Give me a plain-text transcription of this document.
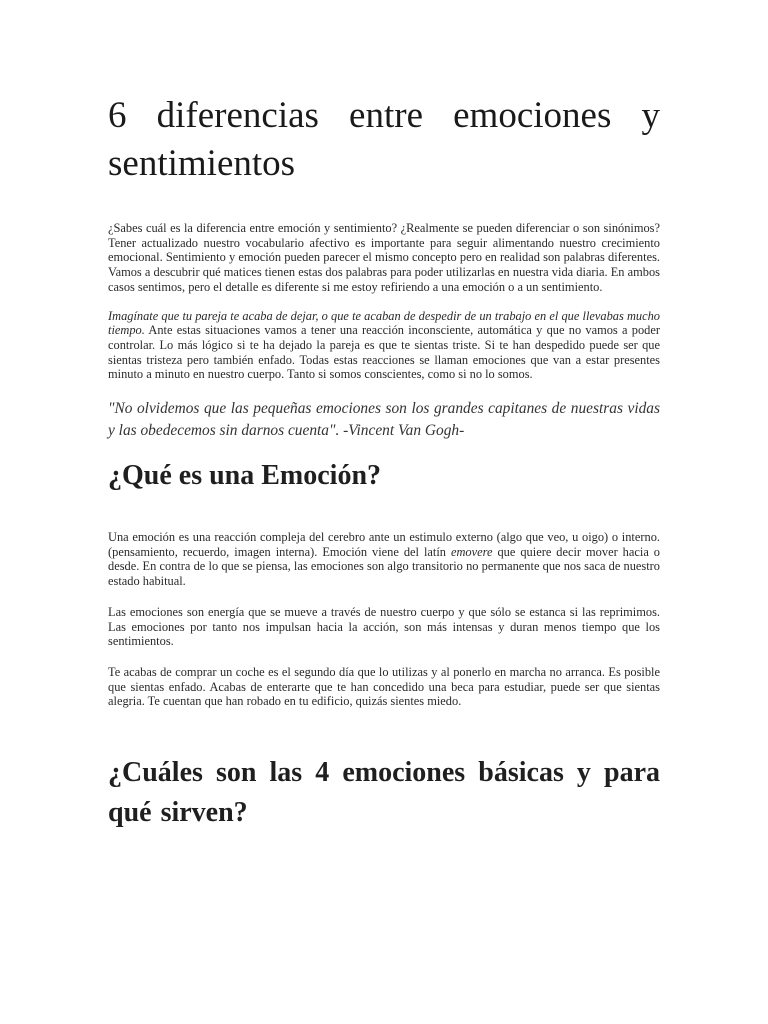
6 diferencias entre emociones y sentimientos

¿Sabes cuál es la diferencia entre emoción y sentimiento? ¿Realmente se pueden diferenciar o son sinónimos? Tener actualizado nuestro vocabulario afectivo es importante para seguir alimentando nuestro crecimiento emocional. Sentimiento y emoción pueden parecer el mismo concepto pero en realidad son palabras diferentes. Vamos a descubrir qué matices tienen estas dos palabras para poder utilizarlas en nuestra vida diaria. En ambos casos sentimos, pero el detalle es diferente si me estoy refiriendo a una emoción o a un sentimiento.

Imagínate que tu pareja te acaba de dejar, o que te acaban de despedir de un trabajo en el que llevabas mucho tiempo. Ante estas situaciones vamos a tener una reacción inconsciente, automática y que no vamos a poder controlar. Lo más lógico si te ha dejado la pareja es que te sientas triste. Si te han despedido puede ser que sientas tristeza pero también enfado. Todas estas reacciones se llaman emociones que van a estar presentes minuto a minuto en nuestro cuerpo. Tanto si somos conscientes, como si no lo somos.

"No olvidemos que las pequeñas emociones son los grandes capitanes de nuestras vidas y las obedecemos sin darnos cuenta". -Vincent Van Gogh-

¿Qué es una Emoción?

Una emoción es una reacción compleja del cerebro ante un estimulo externo (algo que veo, u oigo) o interno. (pensamiento, recuerdo, imagen interna). Emoción viene del latín emovere que quiere decir mover hacia o desde. En contra de lo que se piensa, las emociones son algo transitorio no permanente que nos saca de nuestro estado habitual.

Las emociones son energía que se mueve a través de nuestro cuerpo y que sólo se estanca si las reprimimos. Las emociones por tanto nos impulsan hacia la acción, son más intensas y duran menos tiempo que los sentimientos.

Te acabas de comprar un coche es el segundo día que lo utilizas y al ponerlo en marcha no arranca. Es posible que sientas enfado. Acabas de enterarte que te han concedido una beca para estudiar, puede ser que sientas alegria. Te cuentan que han robado en tu edificio, quizás sientes miedo.

¿Cuáles son las 4 emociones básicas y para qué sirven?
